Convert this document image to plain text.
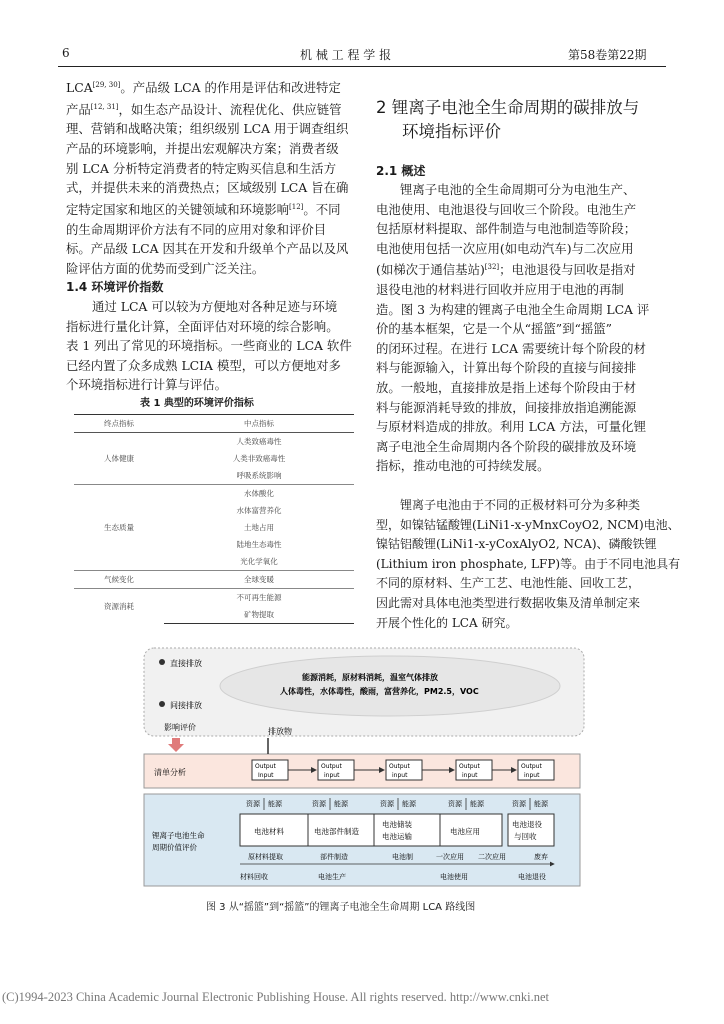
6	机 械 工 程 学 报	第58卷第22期
LCA[29, 30]。产品级 LCA 的作用是评估和改进特定
产品[12, 31]，如生态产品设计、流程优化、供应链管
理、营销和战略决策；组织级别 LCA 用于调查组织
产品的环境影响，并提出宏观解决方案；消费者级
别 LCA 分析特定消费者的特定购买信息和生活方
式，并提供未来的消费热点；区域级别 LCA 旨在确
定特定国家和地区的关键领域和环境影响[12]。不同
的生命周期评价方法有不同的应用对象和评价目
标。产品级 LCA 因其在开发和升级单个产品以及风
险评估方面的优势而受到广泛关注。
1.4 环境评价指数
通过 LCA 可以较为方便地对各种足迹与环境
指标进行量化计算，全面评估对环境的综合影响。
表 1 列出了常见的环境指标。一些商业的 LCA 软件
已经内置了众多成熟 LCIA 模型，可以方便地对多
个环境指标进行计算与评估。
表 1 典型的环境评价指标
终点指标	中点指标
人体健康	人类致癌毒性
	人类非致癌毒性
	呼吸系统影响
生态质量	水体酸化
	水体富营养化
	土地占用
	陆地生态毒性
	光化学氧化
气候变化	全球变暖
资源消耗	不可再生能源
	矿物提取
2 锂离子电池全生命周期的碳排放与
环境指标评价
2.1 概述
锂离子电池的全生命周期可分为电池生产、
电池使用、电池退役与回收三个阶段。电池生产
包括原材料提取、部件制造与电池制造等阶段；
电池使用包括一次应用(如电动汽车)与二次应用
(如梯次于通信基站)[32]；电池退役与回收是指对
退役电池的材料进行回收并应用于电池的再制
造。图 3 为构建的锂离子电池全生命周期 LCA 评
价的基本框架，它是一个从“摇篮”到“摇篮”
的闭环过程。在进行 LCA 需要统计每个阶段的材
料与能源输入，计算出每个阶段的直接与间接排
放。一般地，直接排放是指上述每个阶段由于材
料与能源消耗导致的排放，间接排放指追溯能源
与原材料造成的排放。利用 LCA 方法，可量化锂
离子电池全生命周期内各个阶段的碳排放及环境
指标，推动电池的可持续发展。
锂离子电池由于不同的正极材料可分为多种类
型，如镍钴锰酸锂(LiNi1-x-yMnxCoyO2, NCM)电池、
镍钴铝酸锂(LiNi1-x-yCoxAlyO2, NCA)、磷酸铁锂
(Lithium iron phosphate, LFP)等。由于不同电池具有
不同的原材料、生产工艺、电池性能、回收工艺，
因此需对具体电池类型进行数据收集及清单制定来
开展个性化的 LCA 研究。
直接排放
间接排放
能源消耗，原材料消耗，温室气体排放
人体毒性，水体毒性，酸雨，富营养化，PM2.5，VOC
影响评价	排放物
清单分析
Output
Input
Output
input
Output
input
Output
input
Output
input
锂离子电池生命
周期价值评价
资源 能源	资源 能源	资源 能源	资源 能源	资源 能源
电池材料	电池部件制造
电池储装
电池运输
电池应用
电池退役
与回收
原材料提取	部件制造	电池制	一次应用 二次应用	废弃
材料回收	电池生产	电池使用	电池退役
图 3 从“摇篮”到“摇篮”的锂离子电池全生命周期 LCA 路线图
(C)1994-2023 China Academic Journal Electronic Publishing House. All rights reserved. http://www.cnki.net
